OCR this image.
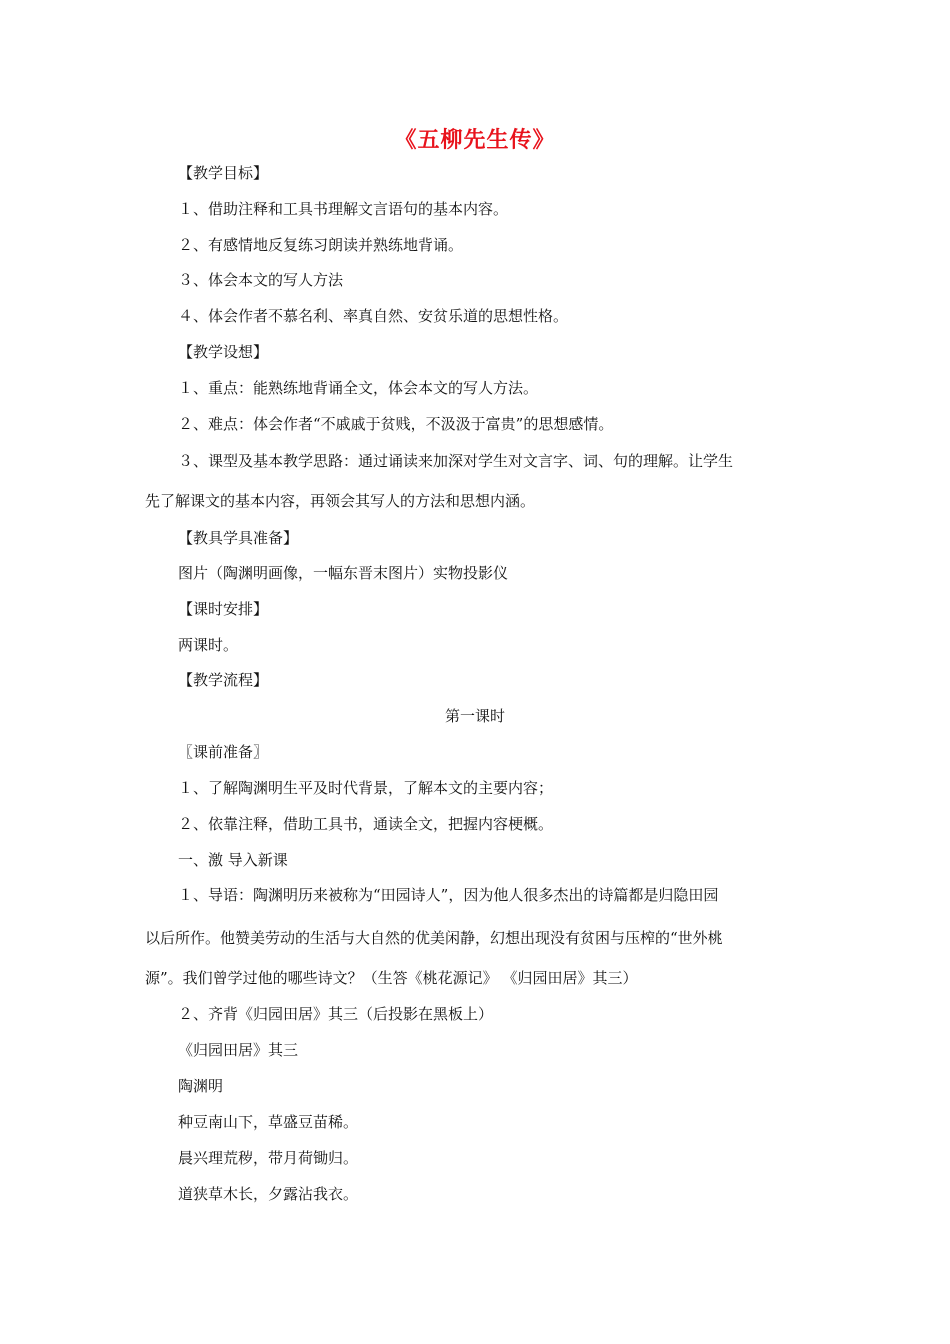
《五柳先生传》
【教学目标】
１、借助注释和工具书理解文言语句的基本内容。
２、有感情地反复练习朗读并熟练地背诵。
３、体会本文的写人方法
４、体会作者不慕名利、率真自然、安贫乐道的思想性格。
【教学设想】
１、重点：能熟练地背诵全文，体会本文的写人方法。
２、难点：体会作者“不戚戚于贫贱，不汲汲于富贵”的思想感情。
３、课型及基本教学思路：通过诵读来加深对学生对文言字、词、句的理解。让学生
先了解课文的基本内容，再领会其写人的方法和思想内涵。
【教具学具准备】
图片（陶渊明画像，一幅东晋末图片）实物投影仪
【课时安排】
两课时。
【教学流程】
第一课时
〖课前准备〗
１、了解陶渊明生平及时代背景，了解本文的主要内容；
２、依靠注释，借助工具书，通读全文，把握内容梗概。
一、激 导入新课
１、导语：陶渊明历来被称为“田园诗人”，因为他人很多杰出的诗篇都是归隐田园
以后所作。他赞美劳动的生活与大自然的优美闲静，幻想出现没有贫困与压榨的“世外桃
源”。我们曾学过他的哪些诗文？（生答《桃花源记》 《归园田居》其三）
２、齐背《归园田居》其三（后投影在黑板上）
《归园田居》其三
陶渊明
种豆南山下，草盛豆苗稀。
晨兴理荒秽，带月荷锄归。
道狭草木长，夕露沾我衣。
